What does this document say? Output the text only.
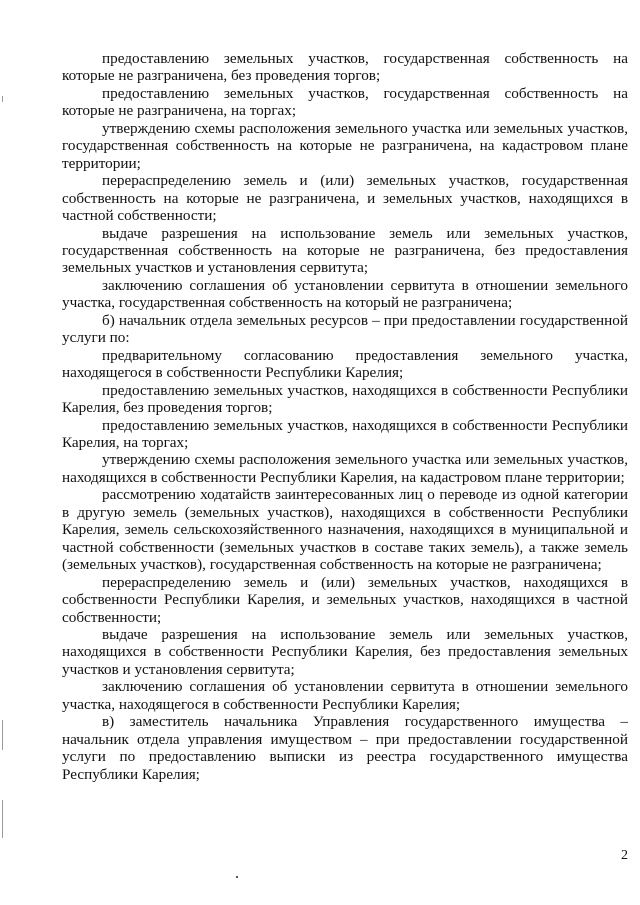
предоставлению земельных участков, государственная собственность на которые не разграничена, без проведения торгов;

предоставлению земельных участков, государственная собственность на которые не разграничена, на торгах;

утверждению схемы расположения земельного участка или земельных участков, государственная собственность на которые не разграничена, на кадастровом плане территории;

перераспределению земель и (или) земельных участков, государственная собственность на которые не разграничена, и земельных участков, находящихся в частной собственности;

выдаче разрешения на использование земель или земельных участков, государственная собственность на которые не разграничена, без предоставления земельных участков и установления сервитута;

заключению соглашения об установлении сервитута в отношении земельного участка, государственная собственность на который не разграничена;

б) начальник отдела земельных ресурсов – при предоставлении государственной услуги по:

предварительному согласованию предоставления земельного участка, находящегося в собственности Республики Карелия;

предоставлению земельных участков, находящихся в собственности Республики Карелия, без проведения торгов;

предоставлению земельных участков, находящихся в собственности Республики Карелия, на торгах;

утверждению схемы расположения земельного участка или земельных участков, находящихся в собственности Республики Карелия, на кадастровом плане территории;

рассмотрению ходатайств заинтересованных лиц о переводе из одной категории в другую земель (земельных участков), находящихся в собственности Республики Карелия, земель сельскохозяйственного назначения, находящихся в муниципальной и частной собственности (земельных участков в составе таких земель), а также земель (земельных участков), государственная собственность на которые не разграничена;

перераспределению земель и (или) земельных участков, находящихся в собственности Республики Карелия, и земельных участков, находящихся в частной собственности;

выдаче разрешения на использование земель или земельных участков, находящихся в собственности Республики Карелия, без предоставления земельных участков и установления сервитута;

заключению соглашения об установлении сервитута в отношении земельного участка, находящегося в собственности Республики Карелия;

в) заместитель начальника Управления государственного имущества – начальник отдела управления имуществом – при предоставлении государственной услуги по предоставлению выписки из реестра государственного имущества Республики Карелия;

2
